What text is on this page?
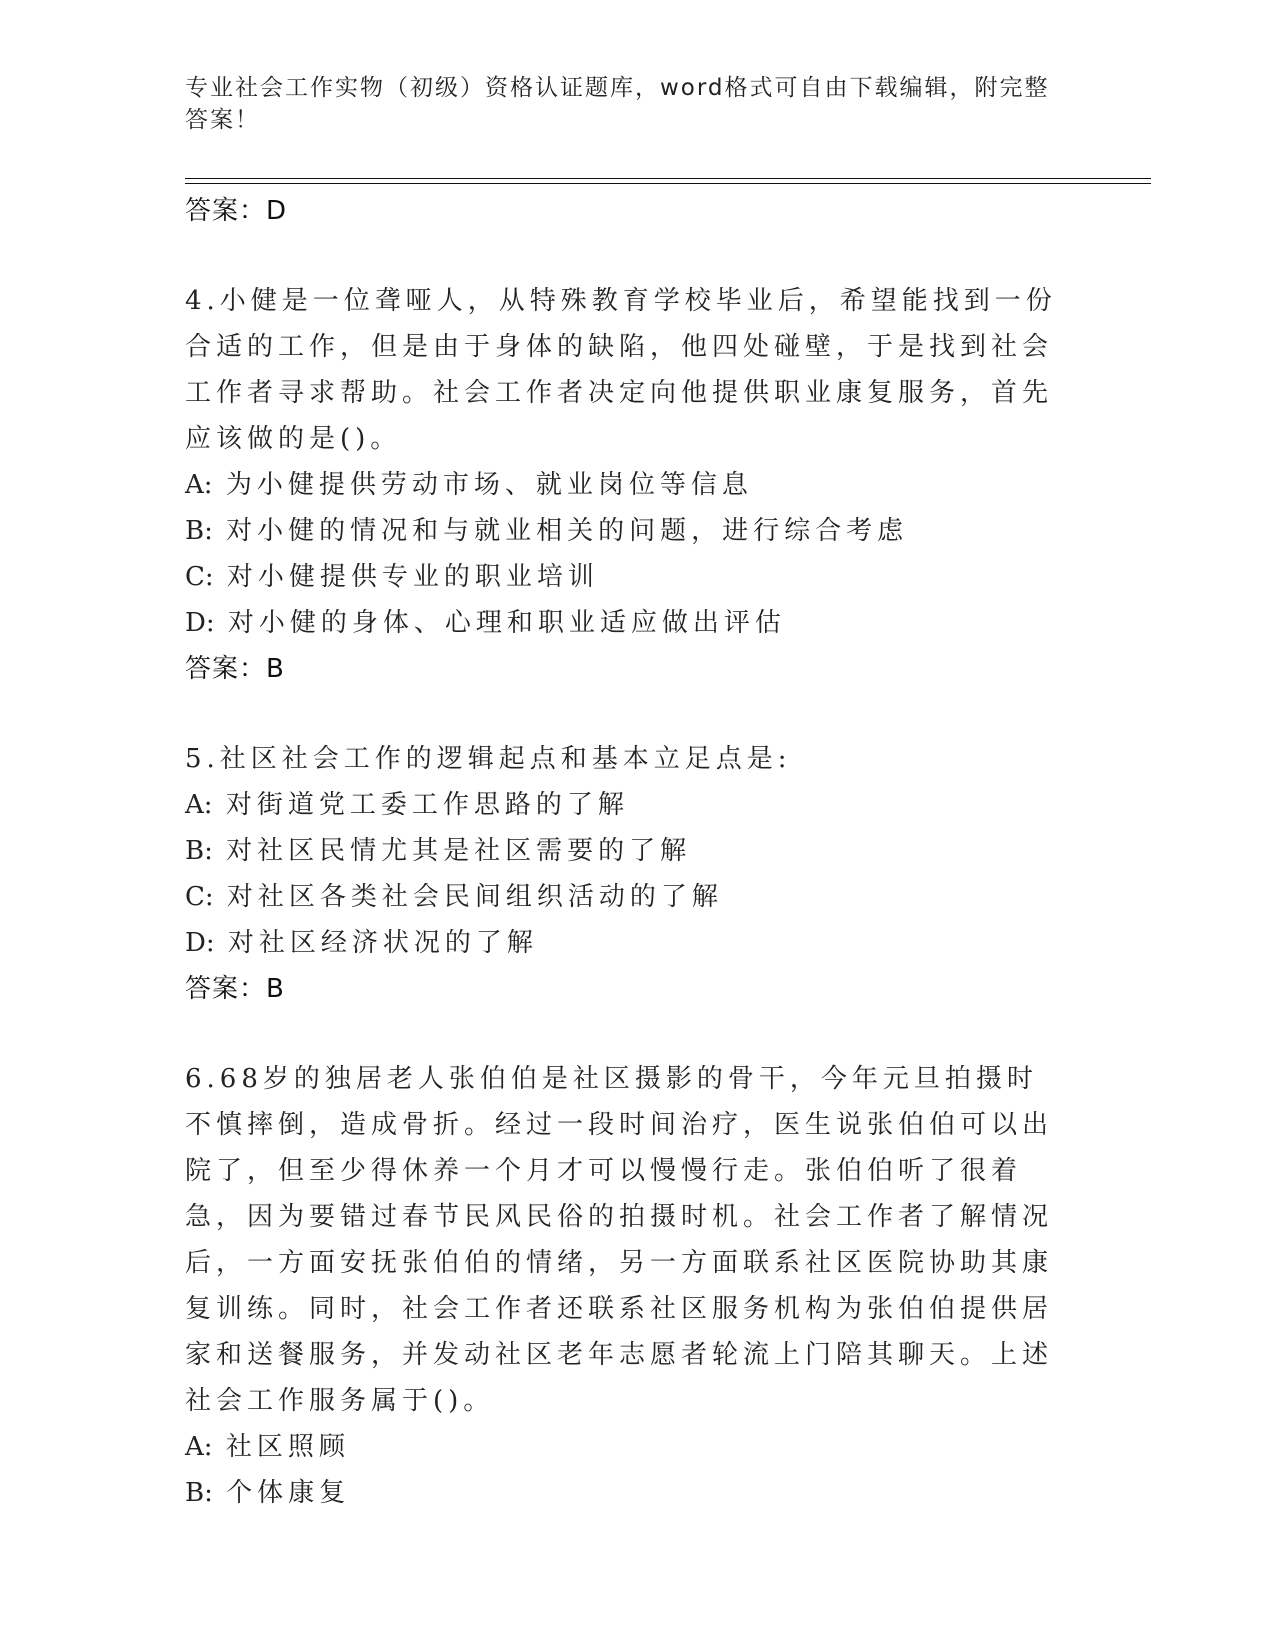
专业社会工作实物（初级）资格认证题库，word格式可自由下载编辑，附完整答案！
答案：D

4.小健是一位聋哑人，从特殊教育学校毕业后，希望能找到一份合适的工作，但是由于身体的缺陷，他四处碰壁，于是找到社会工作者寻求帮助。社会工作者决定向他提供职业康复服务，首先应该做的是()。

A: 为小健提供劳动市场、就业岗位等信息
B: 对小健的情况和与就业相关的问题，进行综合考虑
C: 对小健提供专业的职业培训
D: 对小健的身体、心理和职业适应做出评估
答案：B

5.社区社会工作的逻辑起点和基本立足点是:

A: 对街道党工委工作思路的了解
B: 对社区民情尤其是社区需要的了解
C: 对社区各类社会民间组织活动的了解
D: 对社区经济状况的了解
答案：B

6.68岁的独居老人张伯伯是社区摄影的骨干，今年元旦拍摄时不慎摔倒，造成骨折。经过一段时间治疗，医生说张伯伯可以出院了，但至少得休养一个月才可以慢慢行走。张伯伯听了很着急，因为要错过春节民风民俗的拍摄时机。社会工作者了解情况后，一方面安抚张伯伯的情绪，另一方面联系社区医院协助其康复训练。同时，社会工作者还联系社区服务机构为张伯伯提供居家和送餐服务，并发动社区老年志愿者轮流上门陪其聊天。上述社会工作服务属于()。

A: 社区照顾
B: 个体康复
